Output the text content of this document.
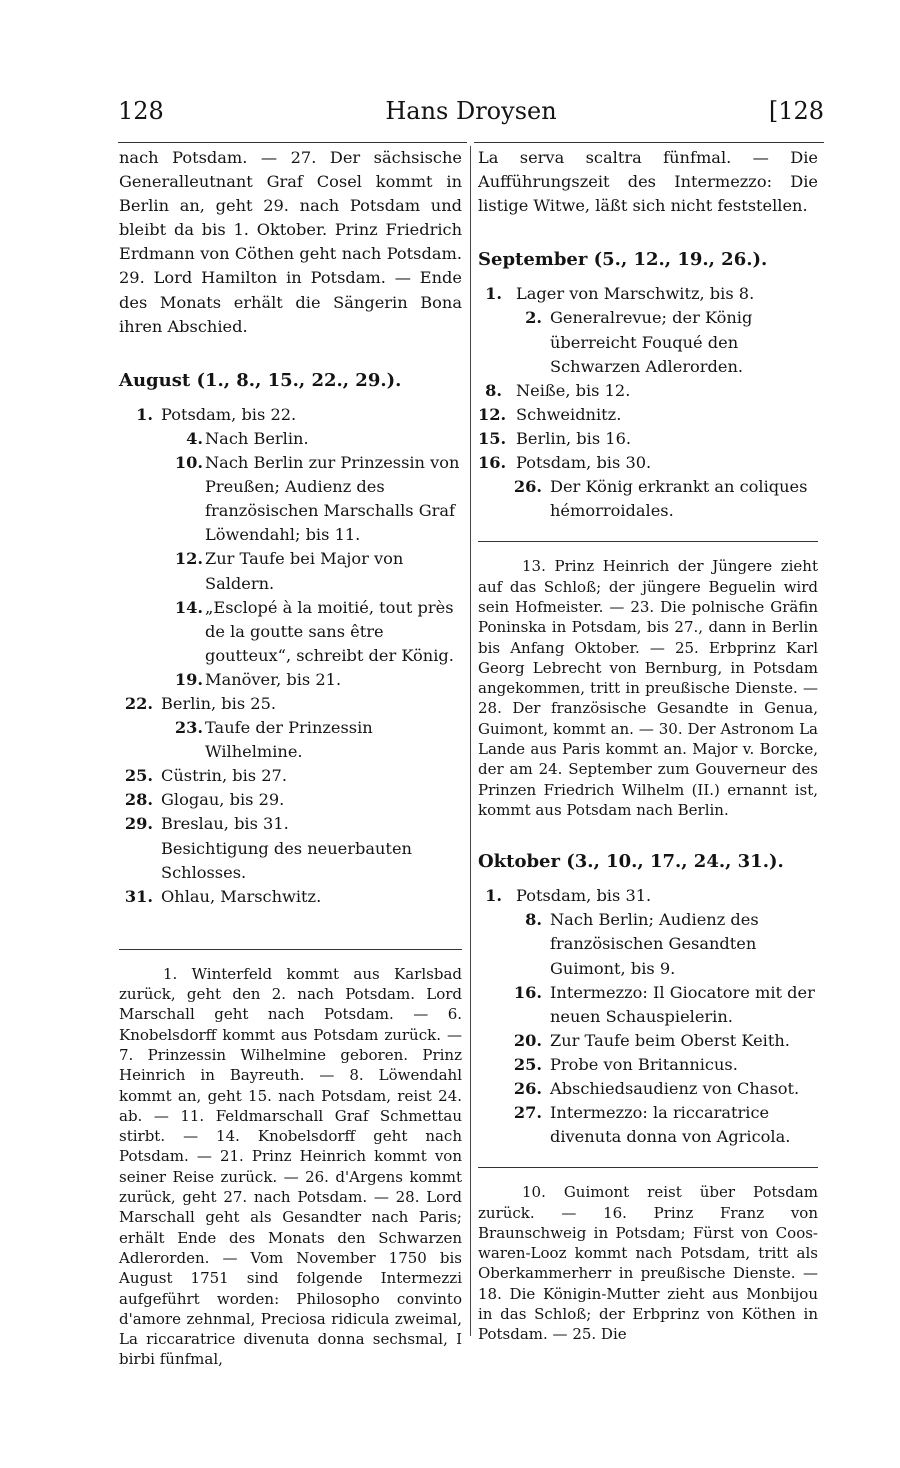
128	Hans Droysen	[128
nach Potsdam. — 27. Der sächsische Generalleutnant Graf Cosel kommt in Berlin an, geht 29. nach Potsdam und bleibt da bis 1. Oktober. Prinz Friedrich Erdmann von Cöthen geht nach Potsdam. 29. Lord Hamilton in Potsdam. — Ende des Monats erhält die Sängerin Bona ihren Abschied.
August (1., 8., 15., 22., 29.).
1. Potsdam, bis 22.
4. Nach Berlin.
10. Nach Berlin zur Prinzessin von Preußen; Audienz des französischen Marschalls Graf Löwendahl; bis 11.
12. Zur Taufe bei Major von Saldern.
14. „Esclopé à la moitié, tout près de la goutte sans être goutteux“, schreibt der König.
19. Manöver, bis 21.
22. Berlin, bis 25.
23. Taufe der Prinzessin Wilhelmine.
25. Cüstrin, bis 27.
28. Glogau, bis 29.
29. Breslau, bis 31.
Besichtigung des neuerbauten Schlosses.
31. Ohlau, Marschwitz.
1. Winterfeld kommt aus Karlsbad zurück, geht den 2. nach Potsdam. Lord Marschall geht nach Potsdam. — 6. Knobelsdorff kommt aus Potsdam zurück. — 7. Prinzessin Wilhelmine geboren. Prinz Heinrich in Bayreuth. — 8. Löwendahl kommt an, geht 15. nach Potsdam, reist 24. ab. — 11. Feldmarschall Graf Schmettau stirbt. — 14. Knobelsdorff geht nach Potsdam. — 21. Prinz Heinrich kommt von seiner Reise zurück. — 26. d'Argens kommt zurück, geht 27. nach Potsdam. — 28. Lord Marschall geht als Gesandter nach Paris; erhält Ende des Monats den Schwarzen Adlerorden. — Vom November 1750 bis August 1751 sind folgende Intermezzi aufgeführt worden: Philosopho convinto d'amore zehnmal, Preciosa ridicula zweimal, La riccaratrice divenuta donna sechsmal, I birbi fünfmal,
La serva scaltra fünfmal. — Die Aufführungszeit des Intermezzo: Die listige Witwe, läßt sich nicht feststellen.
September (5., 12., 19., 26.).
1. Lager von Marschwitz, bis 8.
2. Generalrevue; der König überreicht Fouqué den Schwarzen Adlerorden.
8. Neiße, bis 12.
12. Schweidnitz.
15. Berlin, bis 16.
16. Potsdam, bis 30.
26. Der König erkrankt an coliques hémorroidales.
13. Prinz Heinrich der Jüngere zieht auf das Schloß; der jüngere Beguelin wird sein Hofmeister. — 23. Die polnische Gräfin Poninska in Potsdam, bis 27., dann in Berlin bis Anfang Oktober. — 25. Erbprinz Karl Georg Lebrecht von Bernburg, in Potsdam angekommen, tritt in preußische Dienste. — 28. Der französische Gesandte in Genua, Guimont, kommt an. — 30. Der Astronom La Lande aus Paris kommt an. Major v. Borcke, der am 24. September zum Gouverneur des Prinzen Friedrich Wilhelm (II.) ernannt ist, kommt aus Potsdam nach Berlin.
Oktober (3., 10., 17., 24., 31.).
1. Potsdam, bis 31.
8. Nach Berlin; Audienz des französischen Gesandten Guimont, bis 9.
16. Intermezzo: Il Giocatore mit der neuen Schauspielerin.
20. Zur Taufe beim Oberst Keith.
25. Probe von Britannicus.
26. Abschiedsaudienz von Chasot.
27. Intermezzo: la riccaratrice divenuta donna von Agricola.
10. Guimont reist über Potsdam zurück. — 16. Prinz Franz von Braunschweig in Potsdam; Fürst von Coos-waren-Looz kommt nach Potsdam, tritt als Oberkammerherr in preußische Dienste. — 18. Die Königin-Mutter zieht aus Monbijou in das Schloß; der Erbprinz von Köthen in Potsdam. — 25. Die
